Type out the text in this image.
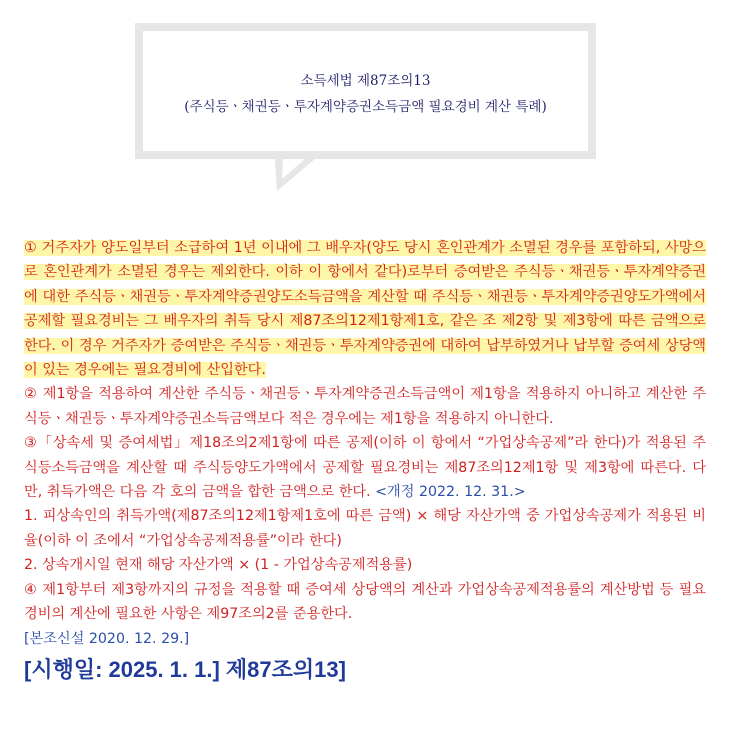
소득세법 제87조의13
(주식등ㆍ채권등ㆍ투자계약증권소득금액 필요경비 계산 특례)

① 거주자가 양도일부터 소급하여 1년 이내에 그 배우자(양도 당시 혼인관계가 소멸된 경우를 포함하되, 사망으로 혼인관계가 소멸된 경우는 제외한다. 이하 이 항에서 같다)로부터 증여받은 주식등ㆍ채권등ㆍ투자계약증권에 대한 주식등ㆍ채권등ㆍ투자계약증권양도소득금액을 계산할 때 주식등ㆍ채권등ㆍ투자계약증권양도가액에서 공제할 필요경비는 그 배우자의 취득 당시 제87조의12제1항제1호, 같은 조 제2항 및 제3항에 따른 금액으로 한다. 이 경우 거주자가 증여받은 주식등ㆍ채권등ㆍ투자계약증권에 대하여 납부하였거나 납부할 증여세 상당액이 있는 경우에는 필요경비에 산입한다.

② 제1항을 적용하여 계산한 주식등ㆍ채권등ㆍ투자계약증권소득금액이 제1항을 적용하지 아니하고 계산한 주식등ㆍ채권등ㆍ투자계약증권소득금액보다 적은 경우에는 제1항을 적용하지 아니한다.

③「상속세 및 증여세법」제18조의2제1항에 따른 공제(이하 이 항에서 “가업상속공제”라 한다)가 적용된 주식등소득금액을 계산할 때 주식등양도가액에서 공제할 필요경비는 제87조의12제1항 및 제3항에 따른다. 다만, 취득가액은 다음 각 호의 금액을 합한 금액으로 한다. <개정 2022. 12. 31.>

1. 피상속인의 취득가액(제87조의12제1항제1호에 따른 금액) × 해당 자산가액 중 가업상속공제가 적용된 비율(이하 이 조에서 “가업상속공제적용률”이라 한다)

2. 상속개시일 현재 해당 자산가액 × (1 - 가업상속공제적용률)

④ 제1항부터 제3항까지의 규정을 적용할 때 증여세 상당액의 계산과 가업상속공제적용률의 계산방법 등 필요경비의 계산에 필요한 사항은 제97조의2를 준용한다.

[본조신설 2020. 12. 29.]

[시행일: 2025. 1. 1.] 제87조의13]
